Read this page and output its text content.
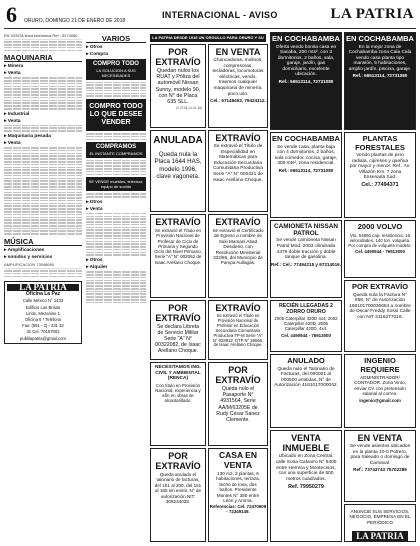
6 ORURO, DOMINGO 21 DE ENERO DE 2018
INTERNACIONAL - AVISO	LA PATRIA
EN VENTA linea telefonica Ref.: 5274080
MAQUINARIA
▸ Minera
▸ Venta
▸ Industrial
▸ Venta
▸ Maquinaria pesada
▸ Venta
MÚSICA
▸ Amplificaciones
▸ sonidos y servicios
AMPLIFICACION 73948690
LA PATRIA
Oficina La Paz
Calle México N° 1433
Edificio Las Brisas
Lirios, Mezanine 1
Oficina 6 * Teléfono
Fax: (591 - 2) - 231 32
31 Cel. 70157802
publilapatria@gmail.com
VARIOS
▸ Otros
▸ Compra
COMPRO TODO
LA SOLUCION A SUS NECESIDADES
COMPRO TODO LO QUE DESEE VENDER
COMPRAMOS
EL INSTANTE COMPRAMOS
SE VENDE muebles, televisor, equipo de sonido
▸ Otros
▸ Venta
▸ Otros
▸ Alquiler
LA PATRIA DESDE 1919 UN ORGULLO PARA ORURO Y SU
POR EXTRAVÍO
Quedan nulos los RUAT y Póliza del automóvil Nissan Sunny, modelo 90, con N° de Placa 635 SLL.
(0-0793-14-01-18)
EN VENTA
Chancadoras, molinos, compresoras, tecladoras, locomotoras eléctricas, vendo, traemos cualquier maquinaria de minería, poco uso.
Cel.: 67148453, 79424112.
EN COCHABAMBA
Oferta vendo bonita casa en Sacaba, 200 mts², con 3 dormitorios, 2 baños, sala, garaje, jardín, gas domiciliario, excelente ubicación.
Ref.: 66513114, 72731080
EN COCHABAMBA
En la mejor zona de Cochabamba zona Cala Cala vendo casa planta tipo mansión, 5 habitaciones, amplio jardín, piscina, garaje.
Ref.: 66513114, 72731080
ANULADA
Queda nula la Placa 1644 HAS, modelo 1996, clave vagoneta.
EXTRAVÍO
Se extravió el Título de Especialidad en Matemáticas para Educación Secundaria Comunitaria Productiva Serie "A" N° 000421 de Isaac Arellano Choque.
EN COCHABAMBA
Se vende casa, planta baja con 4 dormitorios, 2 baños, sala comedor, cocina, garaje, 300 mts², zona residencial.
Ref.: 66513114, 72731080
PLANTAS FORESTALES
Vendo plantas de pino radiata, cipreses y queñua por mayor y menor. Ref.: Av. Villazón Km. 7 zona Ensenada Sud.
Cel.: 77494371
EXTRAVÍO
Se extravió el Título en Provisión Nacional de Profesor de Ciclo de Primaria y Segundo Ciclo del Nivel Primario, Serie "A" N° 002062 de Isaac Arellano Choque.
EXTRAVÍO
Se extravió el Certificado de Egreso a nombre de Saki Mamani Abad Desiderio, con Resolución Ministerial 332/86, del Municipio de Pampa Aullagas.
CAMIONETA NISSAN PATROL
Se vende camioneta Nissan Patrol Mod. 2003 cilindrada 4479 doble tracción y doble tanque de gasolina.
Ref.: Cel.: 77494215 y 67214016.
2000 VOLVO
Vlo, 64860 cap. resistencia, 16 velocidades, 140 ton. volqueta. Por compra de volquete modelo.
Cel. 4490944 - 76913000
POR EXTRAVÍO
Se declara Libreta de Servicio Militar Serie "A" N° 00322082, de Isaac Arellano Choque.
EXTRAVÍO
Se extravió el Título en Provisión Nacional de Profesor en Educación Secundaria Comunitaria Productiva TP-M Serie "A" N° 028912, DTP N° 26566, de Isaac Arellano Choque.
RECIÉN LLEGADAS 2 ZORRO ORURO
2005 Caterpillar 420D 4x4; 2002 Caterpillar 420D, 2005 Caterpillar 420D, 4x4.
Cel. 4490944 - 76913000
POR EXTRAVÍO
Queda nula la Factura N° 558, N° de Autorización 168101700036654 a nombre de Oscar Freddy Sossi Calle con NIT 3116277016.
NECESITAMOS ING. CIVIL Y AMBIENTAL (RENCA)
Con título en Provisión Nacional, experiencia y afín en obras de alcantarillado.
POR EXTRAVÍO
Queda nulo el Pasaporte N° 4931564, Serie AA/M/63205E de Rudy César Sanez Clemente.
ANULADO
Queda nulo el Talonario de Facturas, del 000001 al 000500 emitidas, N° de Autorización 4161017000042.
INGENIO REQUIERE
ADMINISTRADOR/ CONTADOR. Zona Vinto, enviar CV con pretensión salarial al correo.
ingenio@gmail.com
POR EXTRAVÍO
Queda anulado el talonario de facturas, del 151 al 200, del 151 al 185 sin emitir, N° de autorización NIT: 308234028.
CASA EN VENTA
130 m2, 3 plantas, 6 habitaciones, terraza, techo de losa, dos baños. Presidente Montes N° 380 entre León y Aroma.
Referencias: Cel. 72470609 - 72349149.
VENTA INMUEBLE
Ubicado en Zona Central, calle Soria Galvarro N° 5400 entre Herrera y Montecinos, con una superficie de 500 metros cuadrados.
Ref. 79950279
EN VENTA
Se vende asientos ubicados en la planta 10-0 Potrero, para Saleado o domingo de Carnaval.
Ref.: 73743743 75702289
ANUNCIE SUS SERVICIOS, NEGOCIO, EMPRESA EN EL PERIÓDICO
LA PATRIA
